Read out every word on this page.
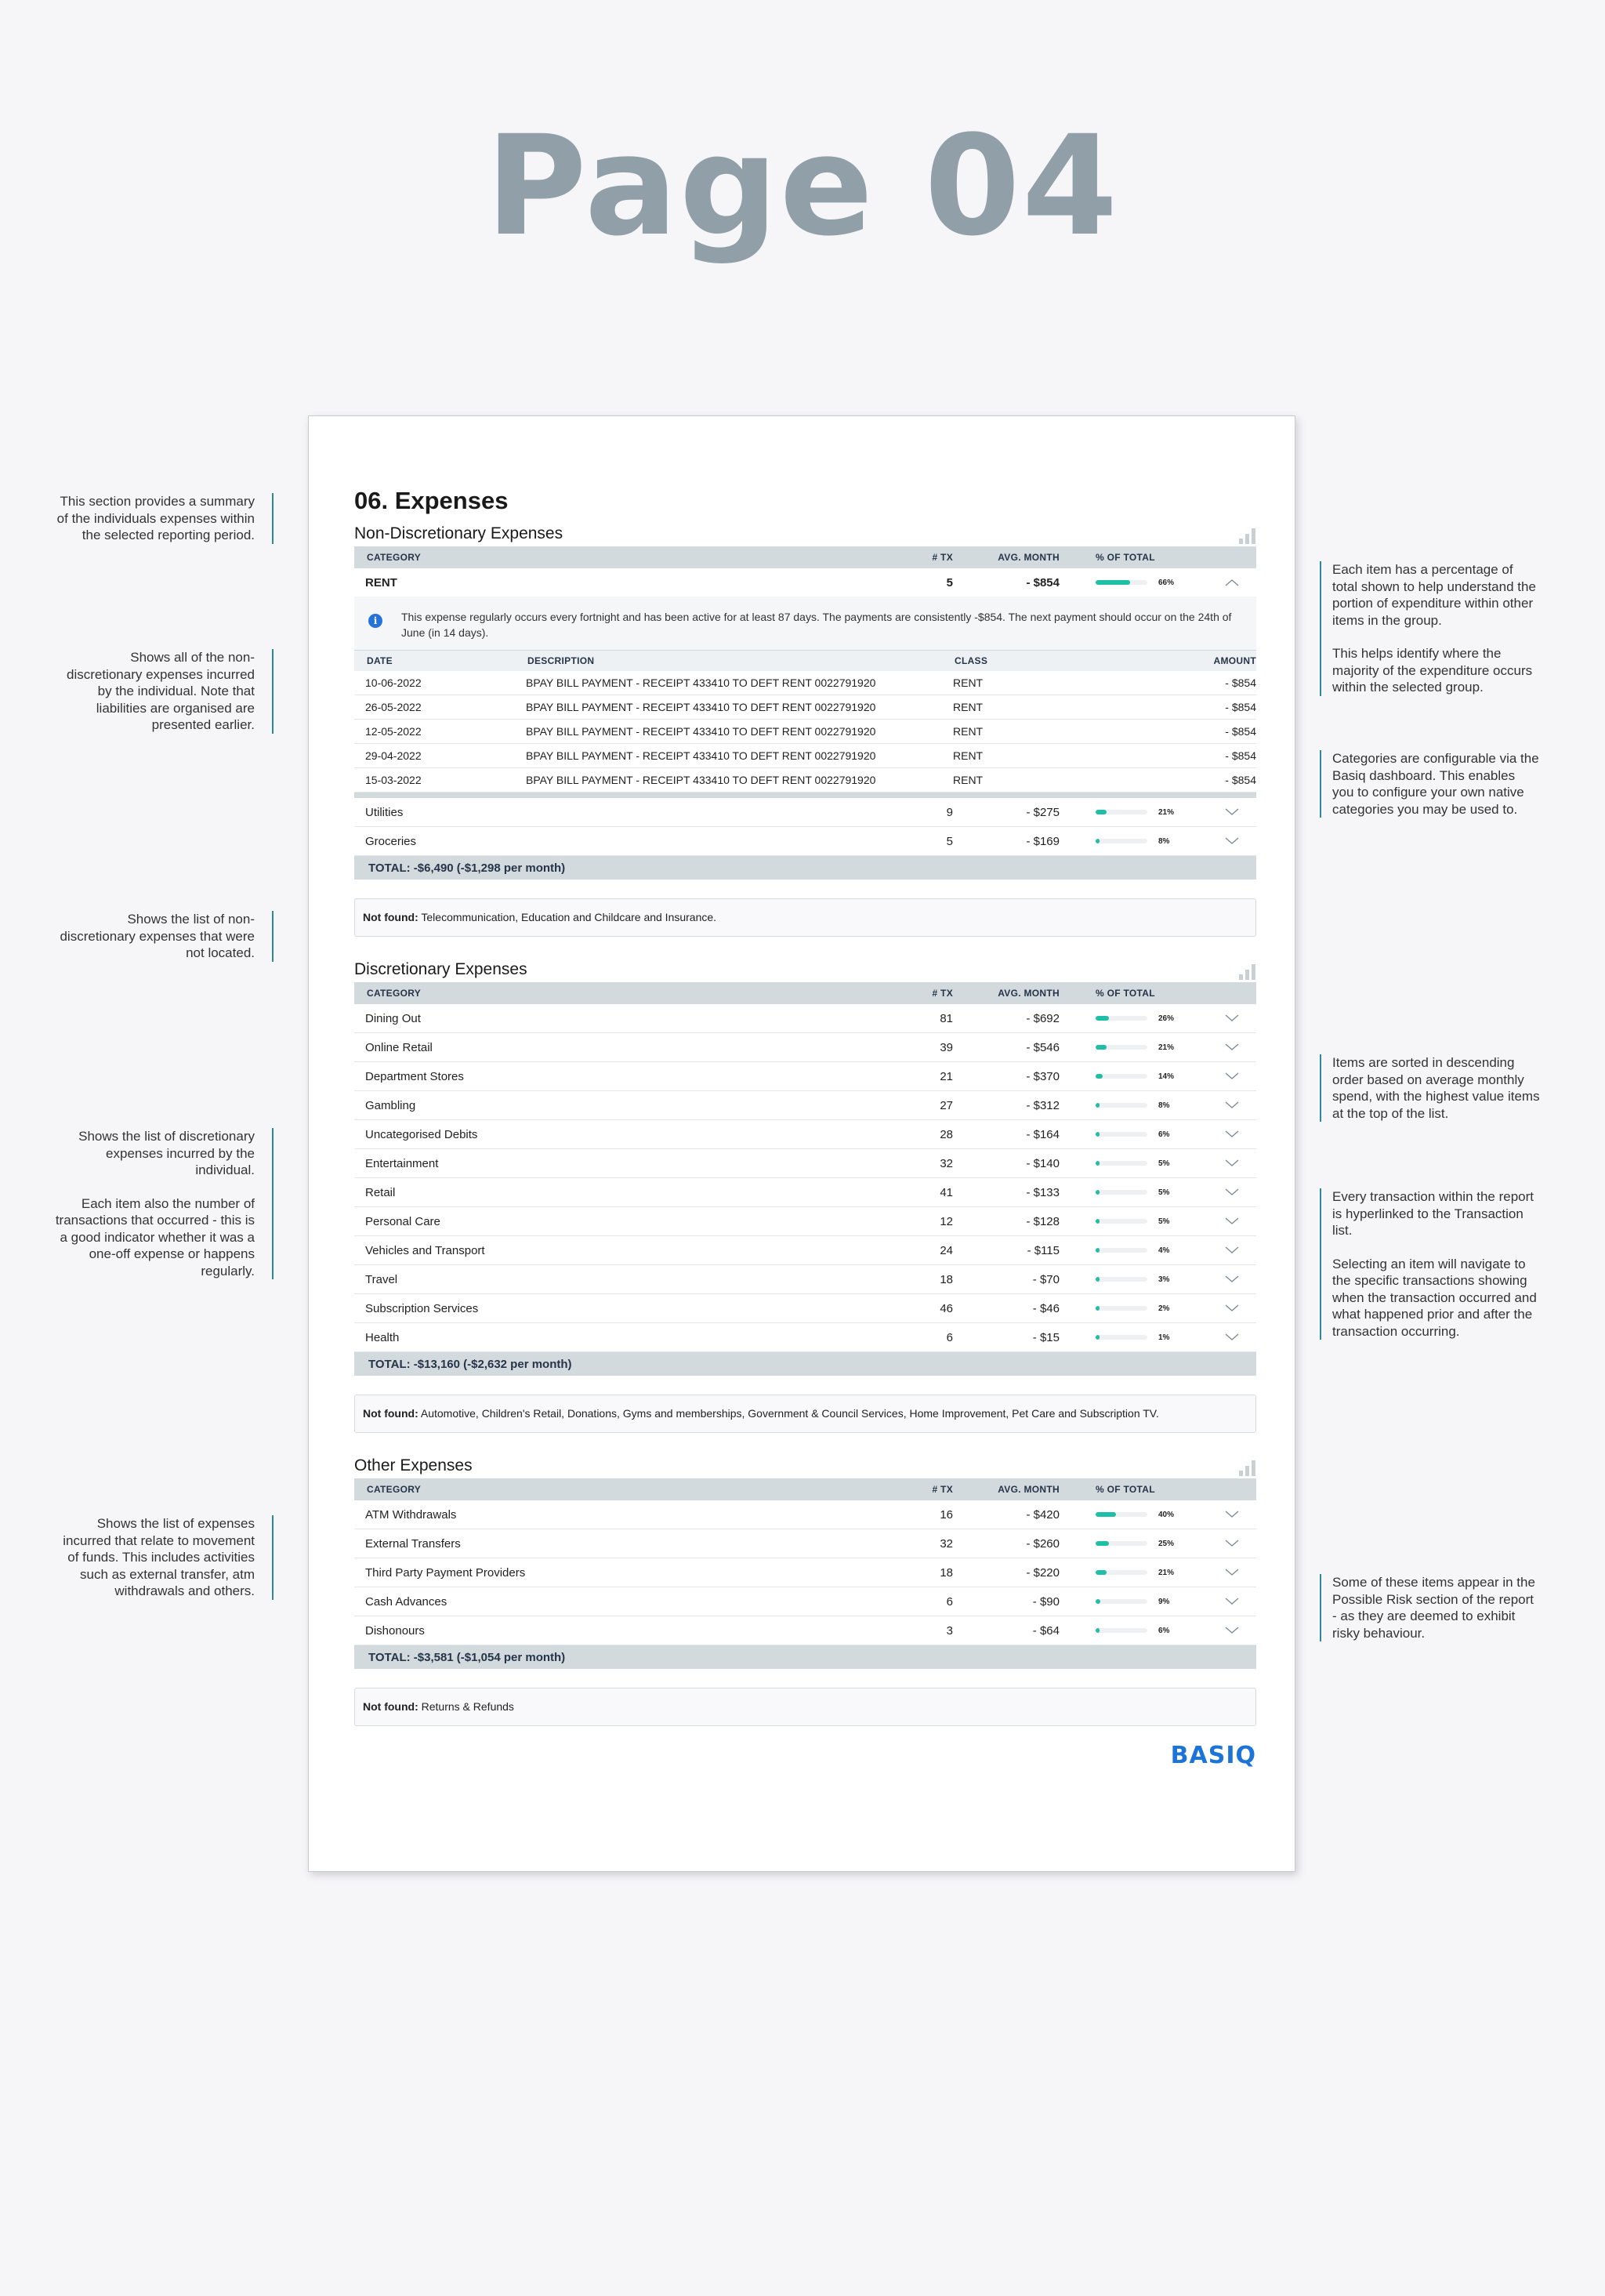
Page 04

This section provides a summary of the individuals expenses within the selected reporting period.

Shows all of the non-discretionary expenses incurred by the individual. Note that liabilities are organised are presented earlier.

Shows the list of non-discretionary expenses that were not located.

Shows the list of discretionary expenses incurred by the individual.

Each item also the number of transactions that occurred - this is a good indicator whether it was a one-off expense or happens regularly.

Shows the list of expenses incurred that relate to movement of funds. This includes activities such as external transfer, atm withdrawals and others.

Each item has a percentage of total shown to help understand the portion of expenditure within other items in the group.

This helps identify where the majority of the expenditure occurs within the selected group.

Categories are configurable via the Basiq dashboard. This enables you to configure your own native categories you may be used to.

Items are sorted in descending order based on average monthly spend, with the highest value items at the top of the list.

Every transaction within the report is hyperlinked to the Transaction list.

Selecting an item will navigate to the specific transactions showing when the transaction occurred and what happened prior and after the transaction occurring.

Some of these items appear in the Possible Risk section of the report - as they are deemed to exhibit risky behaviour.

06. Expenses
Non-Discretionary Expenses
CATEGORY	# TX	AVG. MONTH	% OF TOTAL	
RENT	5	- $854	66%

i	This expense regularly occurs every fortnight and has been active for at least 87 days. The payments are consistently -$854. The next payment should occur on the 24th of June (in 14 days).
DATE	DESCRIPTION	CLASS	AMOUNT
10-06-2022	BPAY BILL PAYMENT - RECEIPT 433410 TO DEFT RENT 0022791920	RENT	- $854
26-05-2022	BPAY BILL PAYMENT - RECEIPT 433410 TO DEFT RENT 0022791920	RENT	- $854
12-05-2022	BPAY BILL PAYMENT - RECEIPT 433410 TO DEFT RENT 0022791920	RENT	- $854
29-04-2022	BPAY BILL PAYMENT - RECEIPT 433410 TO DEFT RENT 0022791920	RENT	- $854
15-03-2022	BPAY BILL PAYMENT - RECEIPT 433410 TO DEFT RENT 0022791920	RENT	- $854

Utilities	9	- $275	21%

Groceries	5	- $169	8%

TOTAL: -$6,490 (-$1,298 per month)
Not found: Telecommunication, Education and Childcare and Insurance.
Discretionary Expenses
CATEGORY	# TX	AVG. MONTH	% OF TOTAL	
Dining Out	81	- $692	26%

Online Retail	39	- $546	21%

Department Stores	21	- $370	14%

Gambling	27	- $312	8%

Uncategorised Debits	28	- $164	6%

Entertainment	32	- $140	5%

Retail	41	- $133	5%

Personal Care	12	- $128	5%

Vehicles and Transport	24	- $115	4%

Travel	18	- $70	3%

Subscription Services	46	- $46	2%

Health	6	- $15	1%

TOTAL: -$13,160 (-$2,632 per month)				
Not found: Automotive, Children's Retail, Donations, Gyms and memberships, Government & Council Services, Home Improvement, Pet Care and Subscription TV.
Other Expenses
CATEGORY	# TX	AVG. MONTH	% OF TOTAL	
ATM Withdrawals	16	- $420	40%

External Transfers	32	- $260	25%

Third Party Payment Providers	18	- $220	21%

Cash Advances	6	- $90	9%

Dishonours	3	- $64	6%

TOTAL: -$3,581 (-$1,054 per month)				
Not found: Returns & Refunds
BASIQ
